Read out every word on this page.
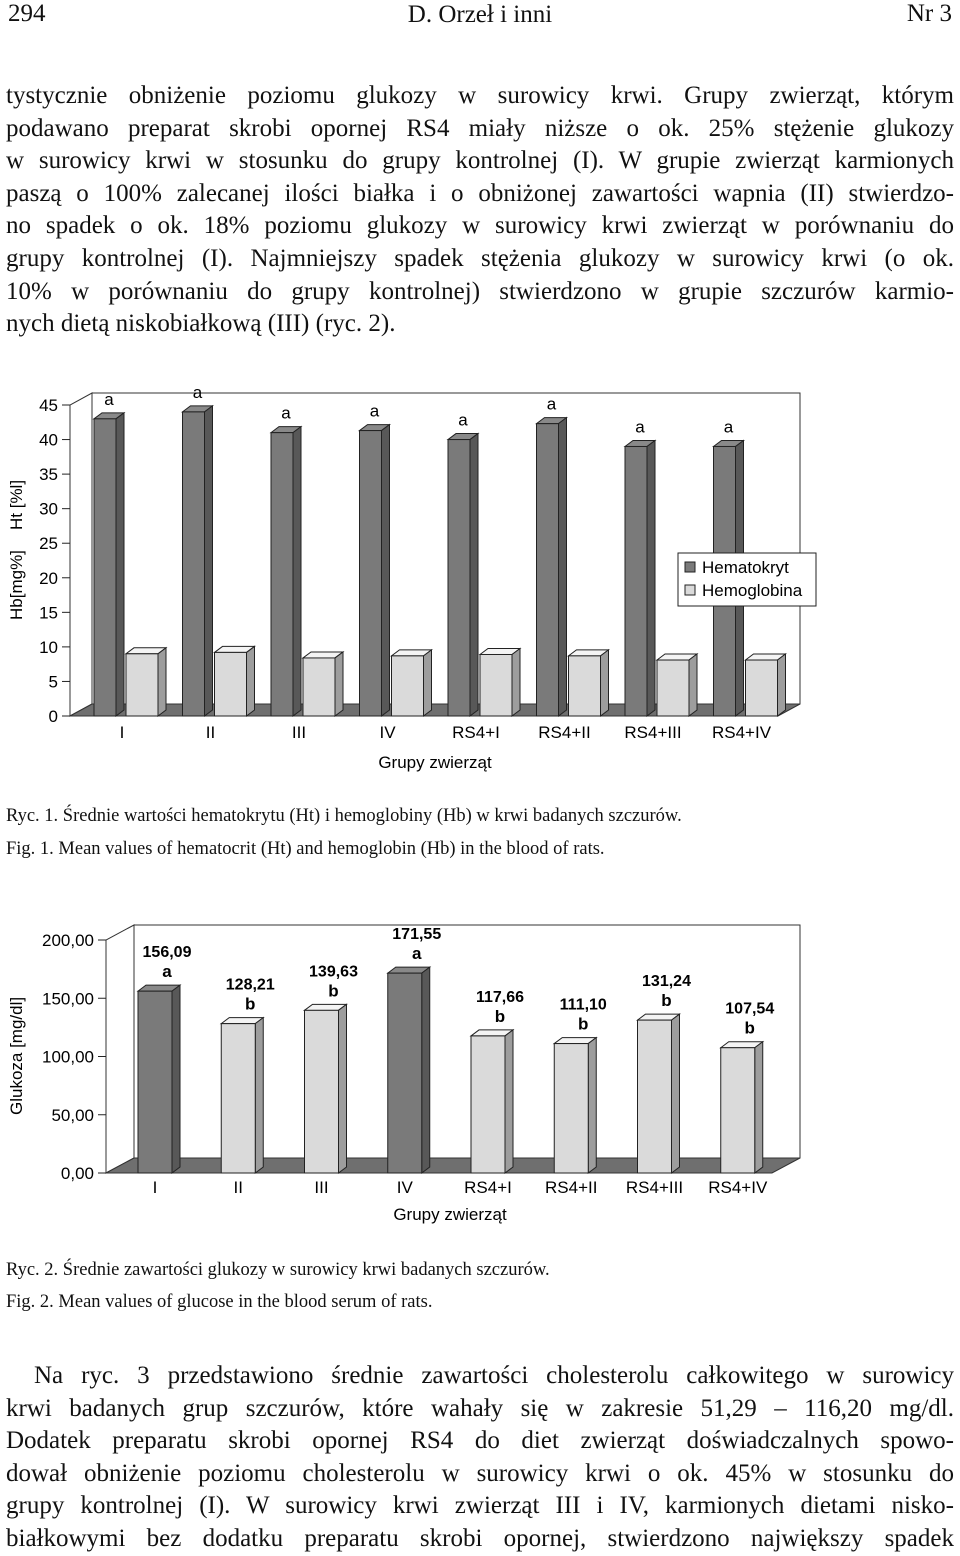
294	D. Orzeł i inni	Nr 3
tystycznie obniżenie poziomu glukozy w surowicy krwi. Grupy zwierząt, którym
podawano preparat skrobi opornej RS4 miały niższe o ok. 25% stężenie glukozy
w surowicy krwi w stosunku do grupy kontrolnej (I). W grupie zwierząt karmionych
paszą o 100% zalecanej ilości białka i o obniżonej zawartości wapnia (II) stwierdzo-
no spadek o ok. 18% poziomu glukozy w surowicy krwi zwierząt w porównaniu do
grupy kontrolnej (I). Najmniejszy spadek stężenia glukozy w surowicy krwi (o ok.
10% w porównaniu do grupy kontrolnej) stwierdzono w grupie szczurów karmio-
nych dietą niskobiałkową (III) (ryc. 2).
0
5
10
15
20
25
30
35
40
45
I	II	III	IV	RS4+I RS4+II RS4+III RS4+IV
a	a
a	a	a
a
a	a
Hb[mg%]
Ht [%l]
Hematokryt
Hemoglobina
Grupy zwierząt
Ryc. 1. Średnie wartości hematokrytu (Ht) i hemoglobiny (Hb) w krwi badanych szczurów.
Fig. 1. Mean values of hematocrit (Ht) and hemoglobin (Hb) in the blood of rats.
0,00
50,00
100,00
150,00
200,00
I	II	III	IV	RS4+I RS4+II RS4+III RS4+IV
156,09
a
128,21
b
139,63
b
171,55
a
117,66
b
111,10
b
131,24
b	107,54
b
Glukoza [mg/dl]
Grupy zwierząt
Ryc. 2. Średnie zawartości glukozy w surowicy krwi badanych szczurów.
Fig. 2. Mean values of glucose in the blood serum of rats.
Na ryc. 3 przedstawiono średnie zawartości cholesterolu całkowitego w surowicy
krwi badanych grup szczurów, które wahały się w zakresie 51,29 – 116,20 mg/dl.
Dodatek preparatu skrobi opornej RS4 do diet zwierząt doświadczalnych spowo-
dował obniżenie poziomu cholesterolu w surowicy krwi o ok. 45% w stosunku do
grupy kontrolnej (I). W surowicy krwi zwierząt III i IV, karmionych dietami nisko-
białkowymi bez dodatku preparatu skrobi opornej, stwierdzono największy spadek
